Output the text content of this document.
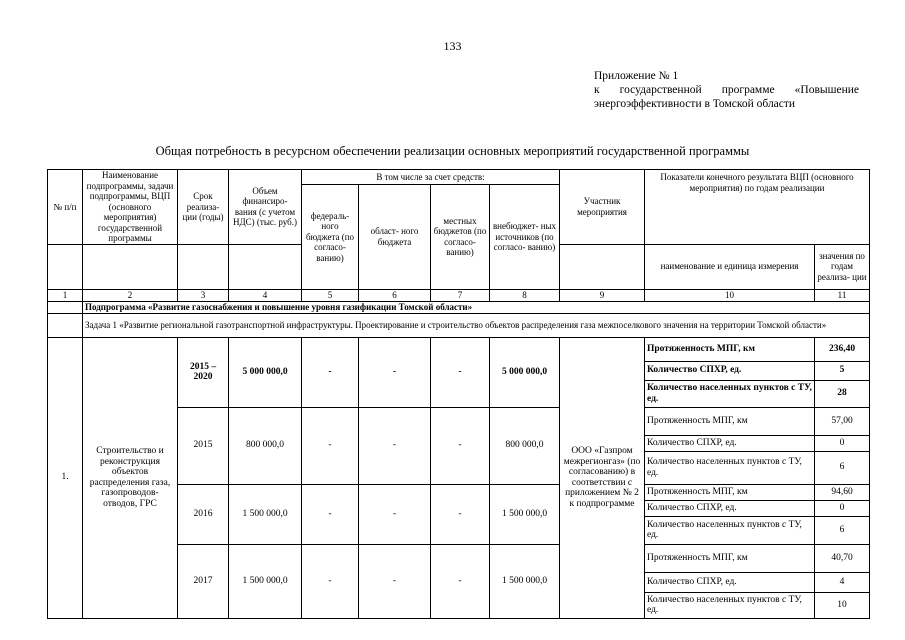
133
Приложение № 1
к государственной программе «Повышение
энергоэффективности в Томской области
Общая потребность в ресурсном обеспечении реализации основных мероприятий государственной программы
№ п/п	Наименование подпрограммы, задачи подпрограммы, ВЦП (основного мероприятия) государственной программы	Срок реализа- ции (годы)	Объем финансиро- вания (с учетом НДС) (тыс. руб.)	В том числе за счет средств:				Участник мероприятия	Показатели конечного результата ВЦП (основного мероприятия) по годам реализации	

				федераль- ного бюджета (по согласо- ванию)	област- ного бюджета	местных бюджетов (по согласо- ванию)	внебюджет- ных источников (по согласо- ванию)			
									наименование и единица измерения	значения по годам реализа- ции
1	2	3	4	5	6	7	8	9	10	11
	Подпрограмма «Развитие газоснабжения и повышение уровня газификации Томской области»									
	Задача 1 «Развитие региональной газотранспортной инфраструктуры. Проектирование и строительство объектов распределения газа межпоселкового значения на территории Томской области»									
1.	Строительство и реконструкция объектов распределения газа, газопроводов-отводов, ГРС	2015 – 2020	5 000 000,0	-	-	-	5 000 000,0	ООО «Газпром межрегионгаз» (по согласованию) в соответствии с приложением № 2 к подпрограмме	Протяженность МПГ, км	236,40
									Количество СПХР, ед.	5
									Количество населенных пунктов с ТУ, ед.	28
		2015	800 000,0	-	-	-	800 000,0		Протяженность МПГ, км	57,00
									Количество СПХР, ед.	0
									Количество населенных пунктов с ТУ, ед.	6
		2016	1 500 000,0	-	-	-	1 500 000,0		Протяженность МПГ, км	94,60
									Количество СПХР, ед.	0
									Количество населенных пунктов с ТУ, ед.	6
		2017	1 500 000,0	-	-	-	1 500 000,0		Протяженность МПГ, км	40,70
									Количество СПХР, ед.	4
									Количество населенных пунктов с ТУ, ед.	10
